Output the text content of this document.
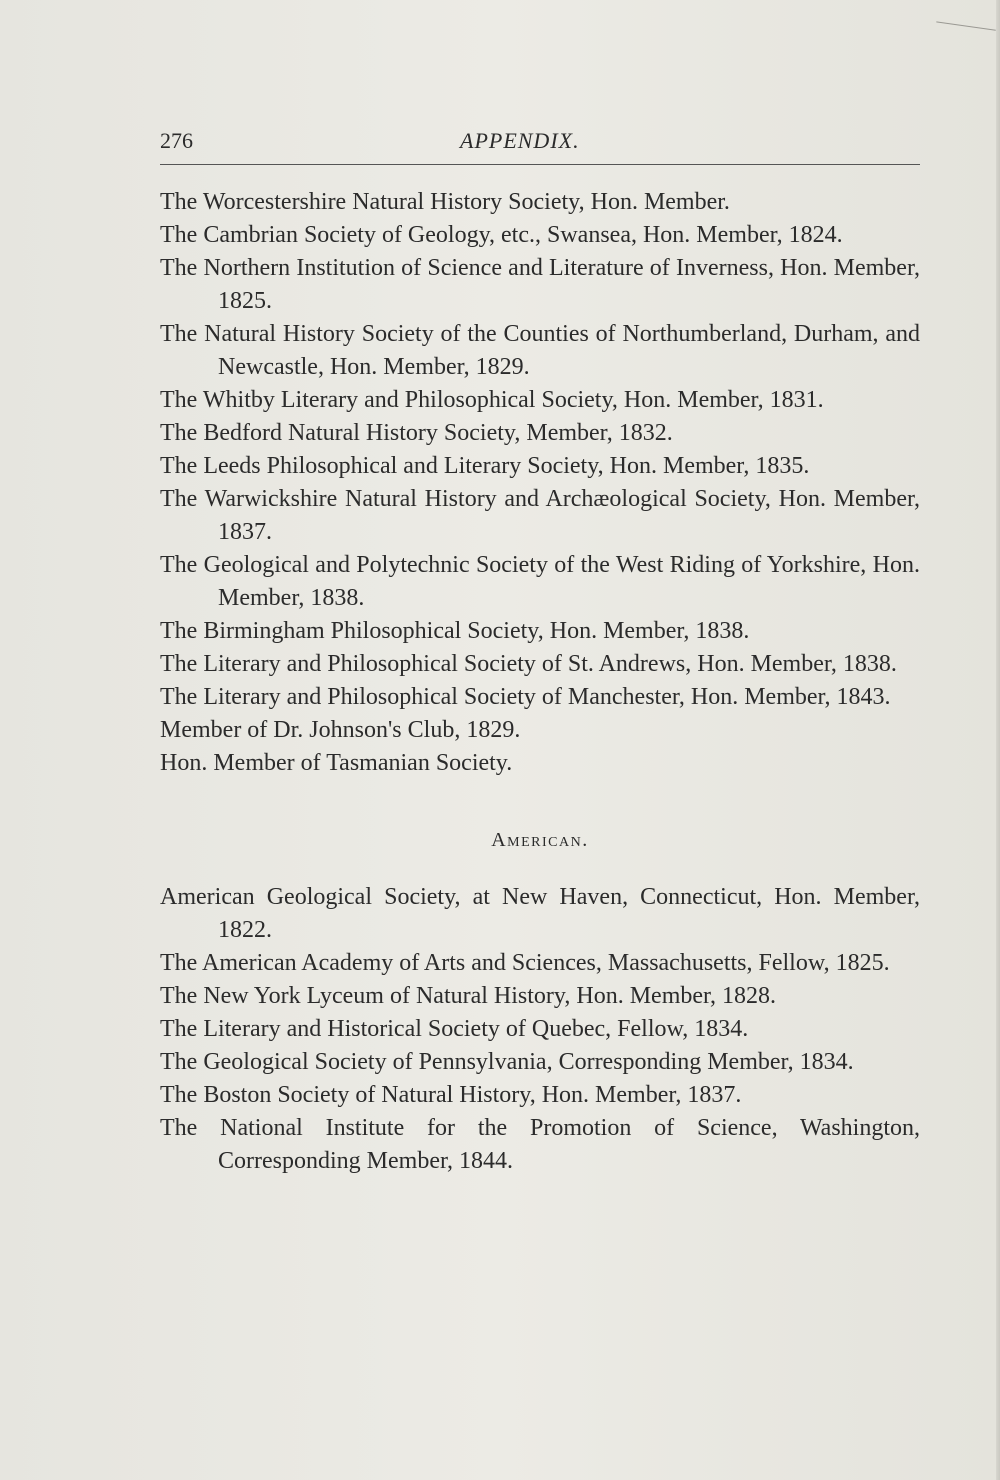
276	APPENDIX.
The Worcestershire Natural History Society, Hon. Member.
The Cambrian Society of Geology, etc., Swansea, Hon. Member, 1824.
The Northern Institution of Science and Literature of Inverness, Hon. Member, 1825.
The Natural History Society of the Counties of Northumberland, Durham, and Newcastle, Hon. Member, 1829.
The Whitby Literary and Philosophical Society, Hon. Member, 1831.
The Bedford Natural History Society, Member, 1832.
The Leeds Philosophical and Literary Society, Hon. Member, 1835.
The Warwickshire Natural History and Archæological Society, Hon. Member, 1837.
The Geological and Polytechnic Society of the West Riding of Yorkshire, Hon. Member, 1838.
The Birmingham Philosophical Society, Hon. Member, 1838.
The Literary and Philosophical Society of St. Andrews, Hon. Member, 1838.
The Literary and Philosophical Society of Manchester, Hon. Member, 1843.
Member of Dr. Johnson's Club, 1829.
Hon. Member of Tasmanian Society.
American.
American Geological Society, at New Haven, Connecticut, Hon. Member, 1822.
The American Academy of Arts and Sciences, Massachusetts, Fellow, 1825.
The New York Lyceum of Natural History, Hon. Member, 1828.
The Literary and Historical Society of Quebec, Fellow, 1834.
The Geological Society of Pennsylvania, Corresponding Member, 1834.
The Boston Society of Natural History, Hon. Member, 1837.
The National Institute for the Promotion of Science, Washington, Corresponding Member, 1844.
